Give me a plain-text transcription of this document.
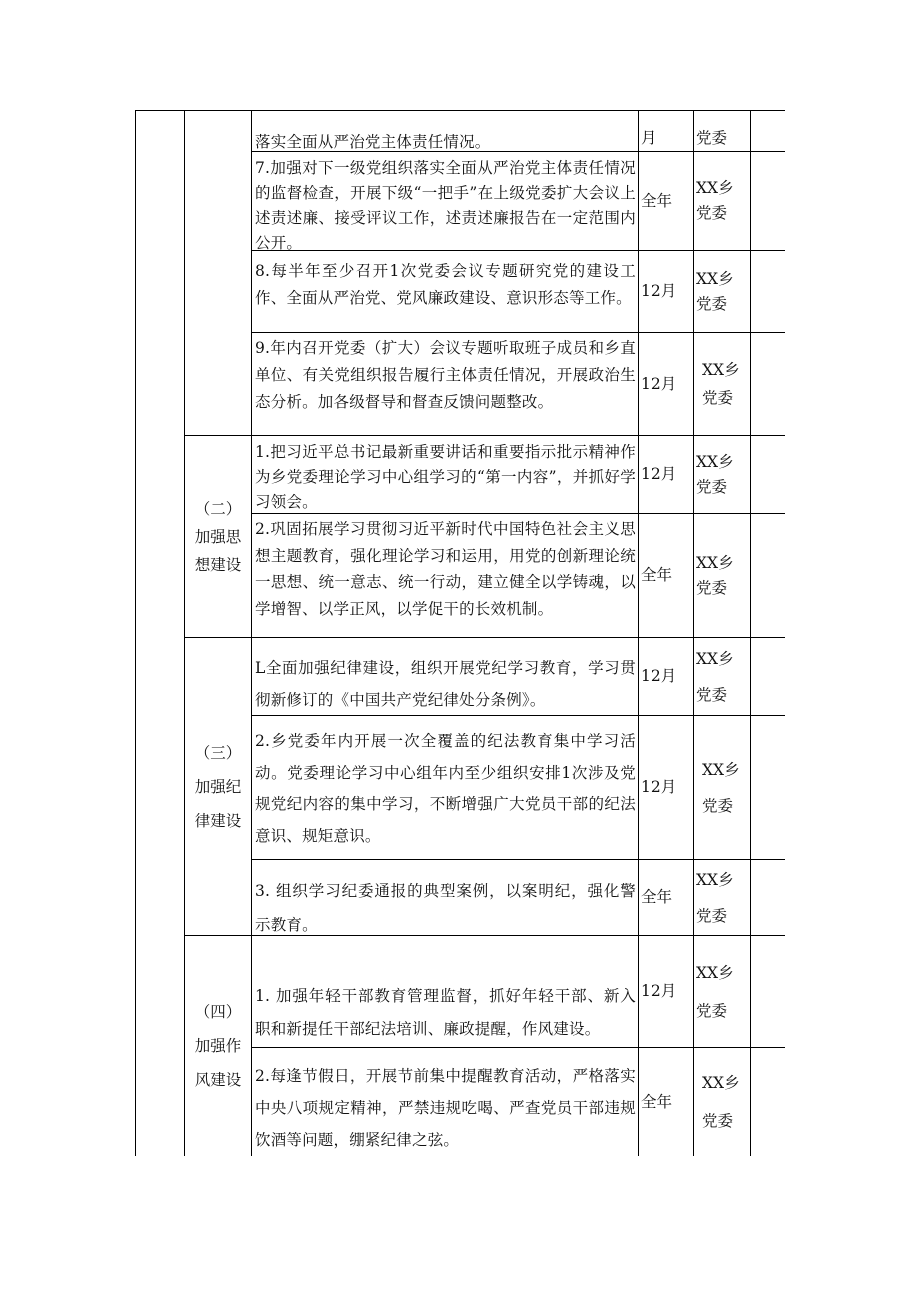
落实全面从严治党主体责任情况。	月	党委

7.加强对下一级党组织落实全面从严治党主体责任情况的监督检查，开展下级“一把手”在上级党委扩大会议上述责述廉、接受评议工作，述责述廉报告在一定范围内公开。

全年
XX乡
党委

8.每半年至少召开1次党委会议专题研究党的建设工作、全面从严治党、党风廉政建设、意识形态等工作。 12月
XX乡
党委

9.年内召开党委（扩大）会议专题听取班子成员和乡直单位、有关党组织报告履行主体责任情况，开展政治生态分析。加各级督导和督查反馈问题整改。

12月
XX乡
党委
（二）
加强思
想建设

1.把习近平总书记最新重要讲话和重要指示批示精神作为乡党委理论学习中心组学习的“第一内容”，并抓好学习领会。

12月
XX乡
党委

2.巩固拓展学习贯彻习近平新时代中国特色社会主义思想主题教育，强化理论学习和运用，用党的创新理论统一思想、统一意志、统一行动，建立健全以学铸魂，以学增智、以学正风，以学促干的长效机制。

全年
XX乡
党委
（三）
加强纪
律建设

L全面加强纪律建设，组织开展党纪学习教育，学习贯彻新修订的《中国共产党纪律处分条例》。

12月
XX乡
党委

2.乡党委年内开展一次全覆盖的纪法教育集中学习活动。党委理论学习中心组年内至少组织安排1次涉及党规党纪内容的集中学习，不断增强广大党员干部的纪法意识、规矩意识。

12月
XX乡
党委

3. 组织学习纪委通报的典型案例，以案明纪，强化警示教育。

全年
XX乡
党委
（四）
加强作
风建设

1. 加强年轻干部教育管理监督，抓好年轻干部、新入职和新提任干部纪法培训、廉政提醒，作风建设。

12月
XX乡
党委

2.每逢节假日，开展节前集中提醒教育活动，严格落实中央八项规定精神，严禁违规吃喝、严查党员干部违规饮酒等问题，绷紧纪律之弦。

全年
XX乡
党委
